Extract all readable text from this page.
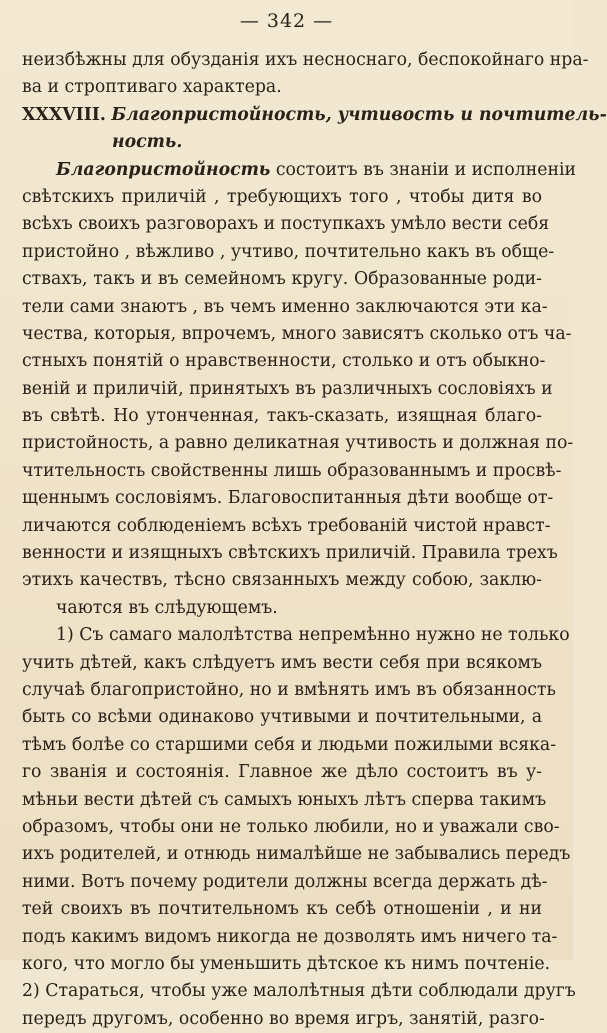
— 342 —
неизбѣжны для обузданія ихъ несноснаго, беспокойнаго нра-
ва и строптиваго характера.
XXXVIII. Благопристойность, учтивость и почтитель-
ность.
Благопристойность состоитъ въ знаніи и исполненіи
свѣтскихъ приличій , требующихъ того , чтобы дитя во
всѣхъ своихъ разговорахъ и поступкахъ умѣло вести себя
пристойно , вѣжливо , учтиво, почтительно какъ въ обще-
ствахъ, такъ и въ семейномъ кругу. Образованные роди-
тели сами знаютъ , въ чемъ именно заключаются эти ка-
чества, которыя, впрочемъ, много зависятъ сколько отъ ча-
стныхъ понятій о нравственности, столько и отъ обыкно-
веній и приличій, принятыхъ въ различныхъ сословіяхъ и
въ свѣтѣ. Но утонченная, такъ-сказать, изящная благо-
пристойность, а равно деликатная учтивость и должная по-
чтительность свойственны лишь образованнымъ и просвѣ-
щеннымъ сословіямъ. Благовоспитанныя дѣти вообще от-
личаются соблюденіемъ всѣхъ требованій чистой нравст-
венности и изящныхъ свѣтскихъ приличій. Правила трехъ
этихъ качествъ, тѣсно связанныхъ между собою, заклю-
чаются въ слѣдующемъ.
1) Съ самаго малолѣтства непремѣнно нужно не только
учить дѣтей, какъ слѣдуетъ имъ вести себя при всякомъ
случаѣ благопристойно, но и вмѣнять имъ въ обязанность
быть со всѣми одинаково учтивыми и почтительными, а
тѣмъ болѣе со старшими себя и людьми пожилыми всяка-
го званія и состоянія. Главное же дѣло состоитъ въ у-
мѣньи вести дѣтей съ самыхъ юныхъ лѣтъ сперва такимъ
образомъ, чтобы они не только любили, но и уважали сво-
ихъ родителей, и отнюдь нималѣйше не забывались передъ
ними. Вотъ почему родители должны всегда держать дѣ-
тей своихъ въ почтительномъ къ себѣ отношеніи , и ни
подъ какимъ видомъ никогда не дозволять имъ ничего та-
кого, что могло бы уменьшить дѣтское къ нимъ почтеніе.
2) Стараться, чтобы уже малолѣтныя дѣти соблюдали другъ
передъ другомъ, особенно во время игръ, занятій, разго-
